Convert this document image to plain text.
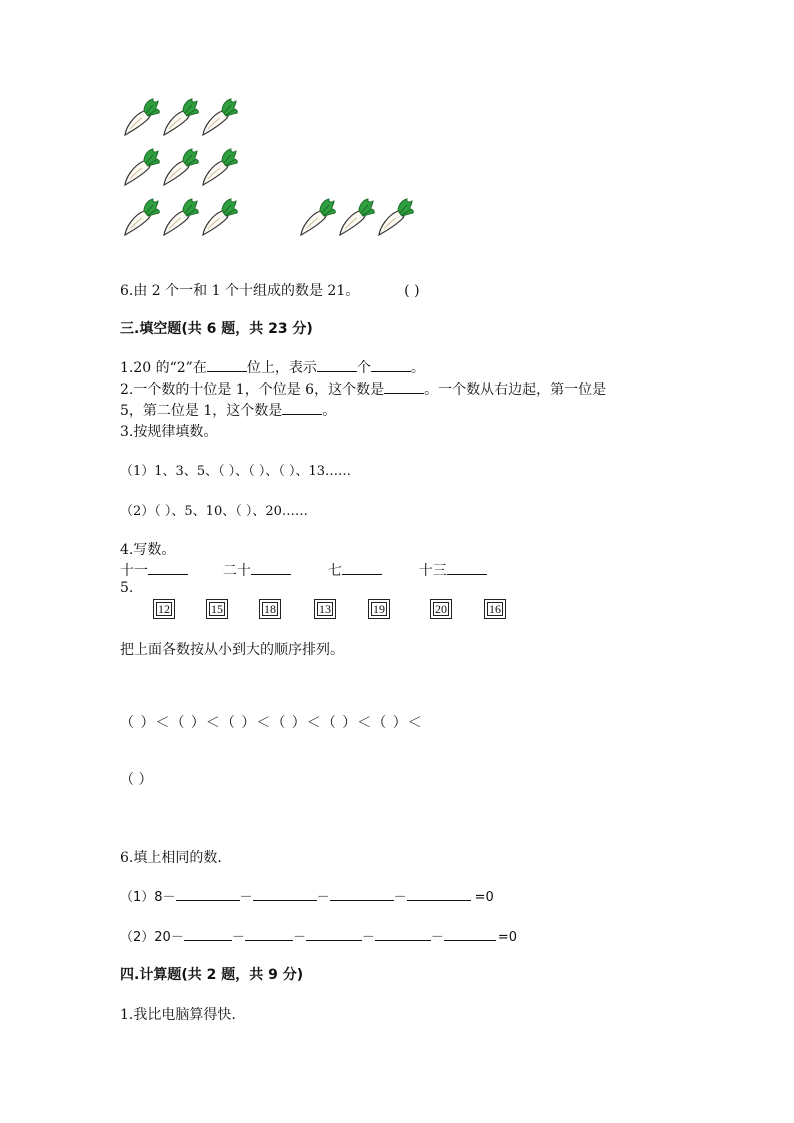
6.由 2 个一和 1 个十组成的数是 21。	( )
三.填空题(共 6 题，共 23 分)
1.20 的“2”在	位上，表示	个	。
2.一个数的十位是 1，个位是 6，这个数是	。一个数从右边起，第一位是
5，第二位是 1，这个数是	。
3.按规律填数。
（1）1、3、5、（ ）、（ ）、（ ）、13……
（2）（ ）、5、10、（ ）、20……
4.写数。
十一	二十	七	十三
5.
12	15	18	13	19	20	16
把上面各数按从小到大的顺序排列。
（ ）＜（ ）＜（ ）＜（ ）＜（ ）＜（ ）＜
（ ）
6.填上相同的数.
（1）8－	－	－	－	=0
（2）20－	－	－	－	－	=0
四.计算题(共 2 题，共 9 分)
1.我比电脑算得快.
